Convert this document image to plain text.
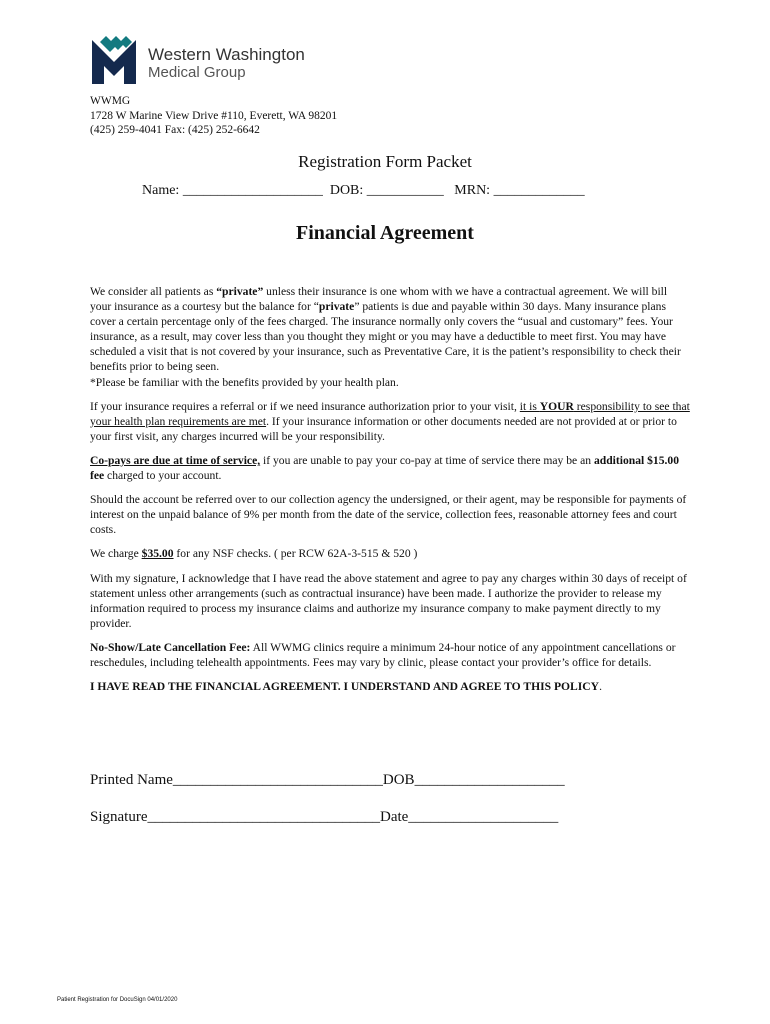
Western Washington
Medical Group
WWMG
1728 W Marine View Drive #110, Everett, WA 98201
(425) 259-4041 Fax: (425) 252-6642
Registration Form Packet
Name: ____________________ DOB: ___________ MRN: _____________
Financial Agreement

We consider all patients as “private” unless their insurance is one whom with we have a contractual agreement. We will bill your insurance as a courtesy but the balance for “private” patients is due and payable within 30 days. Many insurance plans cover a certain percentage only of the fees charged. The insurance normally only covers the “usual and customary” fees. Your insurance, as a result, may cover less than you thought they might or you may have a deductible to meet first. You may have scheduled a visit that is not covered by your insurance, such as Preventative Care, it is the patient’s responsibility to check their benefits prior to being seen.
*Please be familiar with the benefits provided by your health plan.

If your insurance requires a referral or if we need insurance authorization prior to your visit, it is YOUR responsibility to see that your health plan requirements are met. If your insurance information or other documents needed are not provided at or prior to your first visit, any charges incurred will be your responsibility.

Co-pays are due at time of service, if you are unable to pay your co-pay at time of service there may be an additional $15.00 fee charged to your account.

Should the account be referred over to our collection agency the undersigned, or their agent, may be responsible for payments of interest on the unpaid balance of 9% per month from the date of the service, collection fees, reasonable attorney fees and court costs.

We charge $35.00 for any NSF checks. ( per RCW 62A-3-515 & 520 )

With my signature, I acknowledge that I have read the above statement and agree to pay any charges within 30 days of receipt of statement unless other arrangements (such as contractual insurance) have been made. I authorize the provider to release my information required to process my insurance claims and authorize my insurance company to make payment directly to my provider.

No-Show/Late Cancellation Fee: All WWMG clinics require a minimum 24-hour notice of any appointment cancellations or reschedules, including telehealth appointments. Fees may vary by clinic, please contact your provider’s office for details.

I HAVE READ THE FINANCIAL AGREEMENT. I UNDERSTAND AND AGREE TO THIS POLICY.

Printed Name____________________________DOB____________________
Signature_______________________________Date____________________
Patient Registration for DocuSign 04/01/2020
